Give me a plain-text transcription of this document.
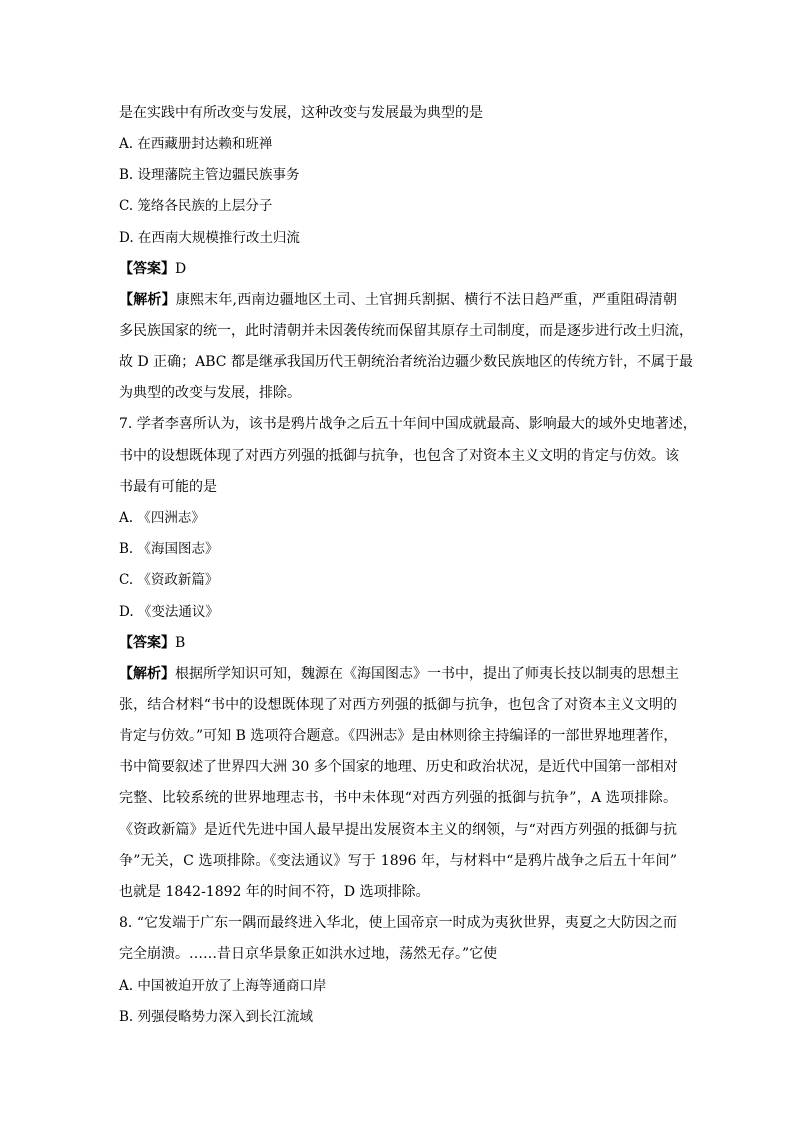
是在实践中有所改变与发展，这种改变与发展最为典型的是
A. 在西藏册封达赖和班禅
B. 设理藩院主管边疆民族事务
C. 笼络各民族的上层分子
D. 在西南大规模推行改土归流
【答案】D
【解析】康熙末年,西南边疆地区土司、土官拥兵割据、横行不法日趋严重，严重阻碍清朝
多民族国家的统一，此时清朝并未因袭传统而保留其原存土司制度，而是逐步进行改土归流，
故 D 正确；ABC 都是继承我国历代王朝统治者统治边疆少数民族地区的传统方针，不属于最
为典型的改变与发展，排除。
7. 学者李喜所认为，该书是鸦片战争之后五十年间中国成就最高、影响最大的域外史地著述，
书中的设想既体现了对西方列强的抵御与抗争，也包含了对资本主义文明的肯定与仿效。该
书最有可能的是
A. 《四洲志》
B. 《海国图志》
C. 《资政新篇》
D. 《变法通议》
【答案】B
【解析】根据所学知识可知，魏源在《海国图志》一书中，提出了师夷长技以制夷的思想主
张，结合材料“书中的设想既体现了对西方列强的抵御与抗争，也包含了对资本主义文明的
肯定与仿效。”可知 B 选项符合题意。《四洲志》是由林则徐主持编译的一部世界地理著作，
书中简要叙述了世界四大洲 30 多个国家的地理、历史和政治状况，是近代中国第一部相对
完整、比较系统的世界地理志书，书中未体现“对西方列强的抵御与抗争”，A 选项排除。
《资政新篇》是近代先进中国人最早提出发展资本主义的纲领，与“对西方列强的抵御与抗
争”无关，C 选项排除。《变法通议》写于 1896 年，与材料中“是鸦片战争之后五十年间”
也就是 1842-1892 年的时间不符，D 选项排除。
8. “它发端于广东一隅而最终进入华北，使上国帝京一时成为夷狄世界，夷夏之大防因之而
完全崩溃。……昔日京华景象正如洪水过地，荡然无存。”它使
A. 中国被迫开放了上海等通商口岸
B. 列强侵略势力深入到长江流域
